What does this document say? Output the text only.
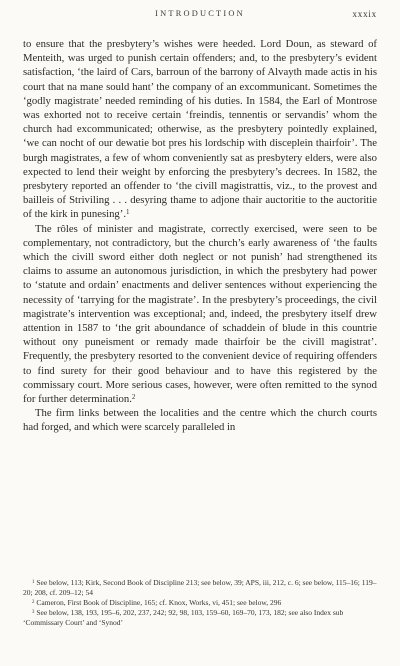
INTRODUCTION	xxxix

to ensure that the presbytery’s wishes were heeded. Lord Doun, as steward of Menteith, was urged to punish certain offenders; and, to the presbytery’s evident satisfaction, ‘the laird of Cars, barroun of the barrony of Alvayth made actis in his court that na mane sould hant’ the company of an excommunicant. Sometimes the ‘godly magistrate’ needed reminding of his duties. In 1584, the Earl of Montrose was exhorted not to receive certain ‘freindis, tennentis or servandis’ whom the church had excommunicated; otherwise, as the presbytery pointedly explained, ‘we can nocht of our dewatie bot pres his lordschip with disceplein thairfoir’. The burgh magistrates, a few of whom conveniently sat as presbytery elders, were also expected to lend their weight by enforcing the presbytery’s decrees. In 1582, the presbytery reported an offender to ‘the civill magistrattis, viz., to the provest and bailleis of Striviling . . . desyring thame to adjone thair auctoritie to the auctoritie of the kirk in punesing’.$^1$

The rôles of minister and magistrate, correctly exercised, were seen to be complementary, not contradictory, but the church’s early awareness of ‘the faults which the civill sword either doth neglect or not punish’ had strengthened its claims to assume an autonomous jurisdiction, in which the presbytery had power to ‘statute and ordain’ enactments and deliver sentences without experiencing the necessity of ‘tarrying for the magistrate’. In the presbytery’s proceedings, the civil magistrate’s intervention was exceptional; and, indeed, the presbytery itself drew attention in 1587 to ‘the grit aboundance of schaddein of blude in this countrie without ony puneisment or remady made thairfoir be the civill magistrat’. Frequently, the presbytery resorted to the convenient device of requiring offenders to find surety for their good behaviour and to have this registered by the commissary court. More serious cases, however, were often remitted to the synod for further determination.$^2$

The firm links between the localities and the centre which the church courts had forged, and which were scarcely paralleled in

$^1$ See below, 113; Kirk, Second Book of Discipline 213; see below, 39; APS, iii, 212, c. 6; see below, 115–16; 119–20; 208, cf. 209–12; 54

$^2$ Cameron, First Book of Discipline, 165; cf. Knox, Works, vi, 451; see below, 296

$^3$ See below, 138, 193, 195–6, 202, 237, 242; 92, 98, 103, 159–60, 169–70, 173, 182; see also Index sub ‘Commissary Court’ and ‘Synod’
